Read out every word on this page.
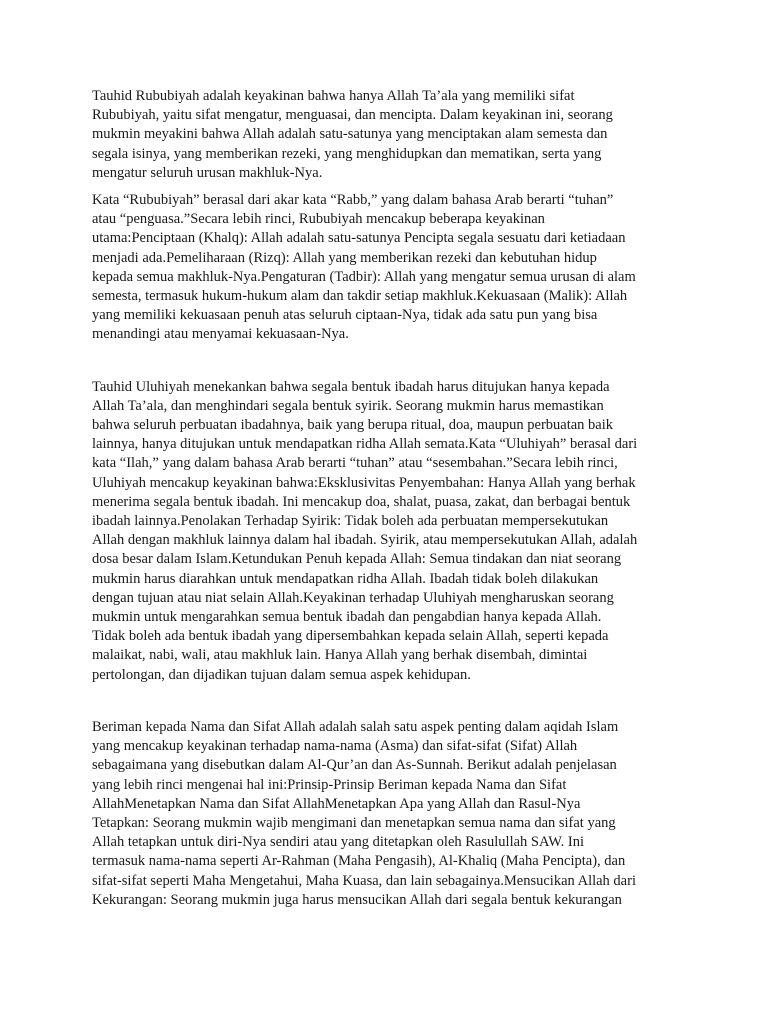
Tauhid Rububiyah adalah keyakinan bahwa hanya Allah Ta’ala yang memiliki sifat
Rububiyah, yaitu sifat mengatur, menguasai, dan mencipta. Dalam keyakinan ini, seorang
mukmin meyakini bahwa Allah adalah satu-satunya yang menciptakan alam semesta dan
segala isinya, yang memberikan rezeki, yang menghidupkan dan mematikan, serta yang
mengatur seluruh urusan makhluk-Nya.

Kata “Rububiyah” berasal dari akar kata “Rabb,” yang dalam bahasa Arab berarti “tuhan”
atau “penguasa.”Secara lebih rinci, Rububiyah mencakup beberapa keyakinan
utama:Penciptaan (Khalq): Allah adalah satu-satunya Pencipta segala sesuatu dari ketiadaan
menjadi ada.Pemeliharaan (Rizq): Allah yang memberikan rezeki dan kebutuhan hidup
kepada semua makhluk-Nya.Pengaturan (Tadbir): Allah yang mengatur semua urusan di alam
semesta, termasuk hukum-hukum alam dan takdir setiap makhluk.Kekuasaan (Malik): Allah
yang memiliki kekuasaan penuh atas seluruh ciptaan-Nya, tidak ada satu pun yang bisa
menandingi atau menyamai kekuasaan-Nya.

Tauhid Uluhiyah menekankan bahwa segala bentuk ibadah harus ditujukan hanya kepada
Allah Ta’ala, dan menghindari segala bentuk syirik. Seorang mukmin harus memastikan
bahwa seluruh perbuatan ibadahnya, baik yang berupa ritual, doa, maupun perbuatan baik
lainnya, hanya ditujukan untuk mendapatkan ridha Allah semata.Kata “Uluhiyah” berasal dari
kata “Ilah,” yang dalam bahasa Arab berarti “tuhan” atau “sesembahan.”Secara lebih rinci,
Uluhiyah mencakup keyakinan bahwa:Eksklusivitas Penyembahan: Hanya Allah yang berhak
menerima segala bentuk ibadah. Ini mencakup doa, shalat, puasa, zakat, dan berbagai bentuk
ibadah lainnya.Penolakan Terhadap Syirik: Tidak boleh ada perbuatan mempersekutukan
Allah dengan makhluk lainnya dalam hal ibadah. Syirik, atau mempersekutukan Allah, adalah
dosa besar dalam Islam.Ketundukan Penuh kepada Allah: Semua tindakan dan niat seorang
mukmin harus diarahkan untuk mendapatkan ridha Allah. Ibadah tidak boleh dilakukan
dengan tujuan atau niat selain Allah.Keyakinan terhadap Uluhiyah mengharuskan seorang
mukmin untuk mengarahkan semua bentuk ibadah dan pengabdian hanya kepada Allah.
Tidak boleh ada bentuk ibadah yang dipersembahkan kepada selain Allah, seperti kepada
malaikat, nabi, wali, atau makhluk lain. Hanya Allah yang berhak disembah, dimintai
pertolongan, dan dijadikan tujuan dalam semua aspek kehidupan.

Beriman kepada Nama dan Sifat Allah adalah salah satu aspek penting dalam aqidah Islam
yang mencakup keyakinan terhadap nama-nama (Asma) dan sifat-sifat (Sifat) Allah
sebagaimana yang disebutkan dalam Al-Qur’an dan As-Sunnah. Berikut adalah penjelasan
yang lebih rinci mengenai hal ini:Prinsip-Prinsip Beriman kepada Nama dan Sifat
AllahMenetapkan Nama dan Sifat AllahMenetapkan Apa yang Allah dan Rasul-Nya
Tetapkan: Seorang mukmin wajib mengimani dan menetapkan semua nama dan sifat yang
Allah tetapkan untuk diri-Nya sendiri atau yang ditetapkan oleh Rasulullah SAW. Ini
termasuk nama-nama seperti Ar-Rahman (Maha Pengasih), Al-Khaliq (Maha Pencipta), dan
sifat-sifat seperti Maha Mengetahui, Maha Kuasa, dan lain sebagainya.Mensucikan Allah dari
Kekurangan: Seorang mukmin juga harus mensucikan Allah dari segala bentuk kekurangan
